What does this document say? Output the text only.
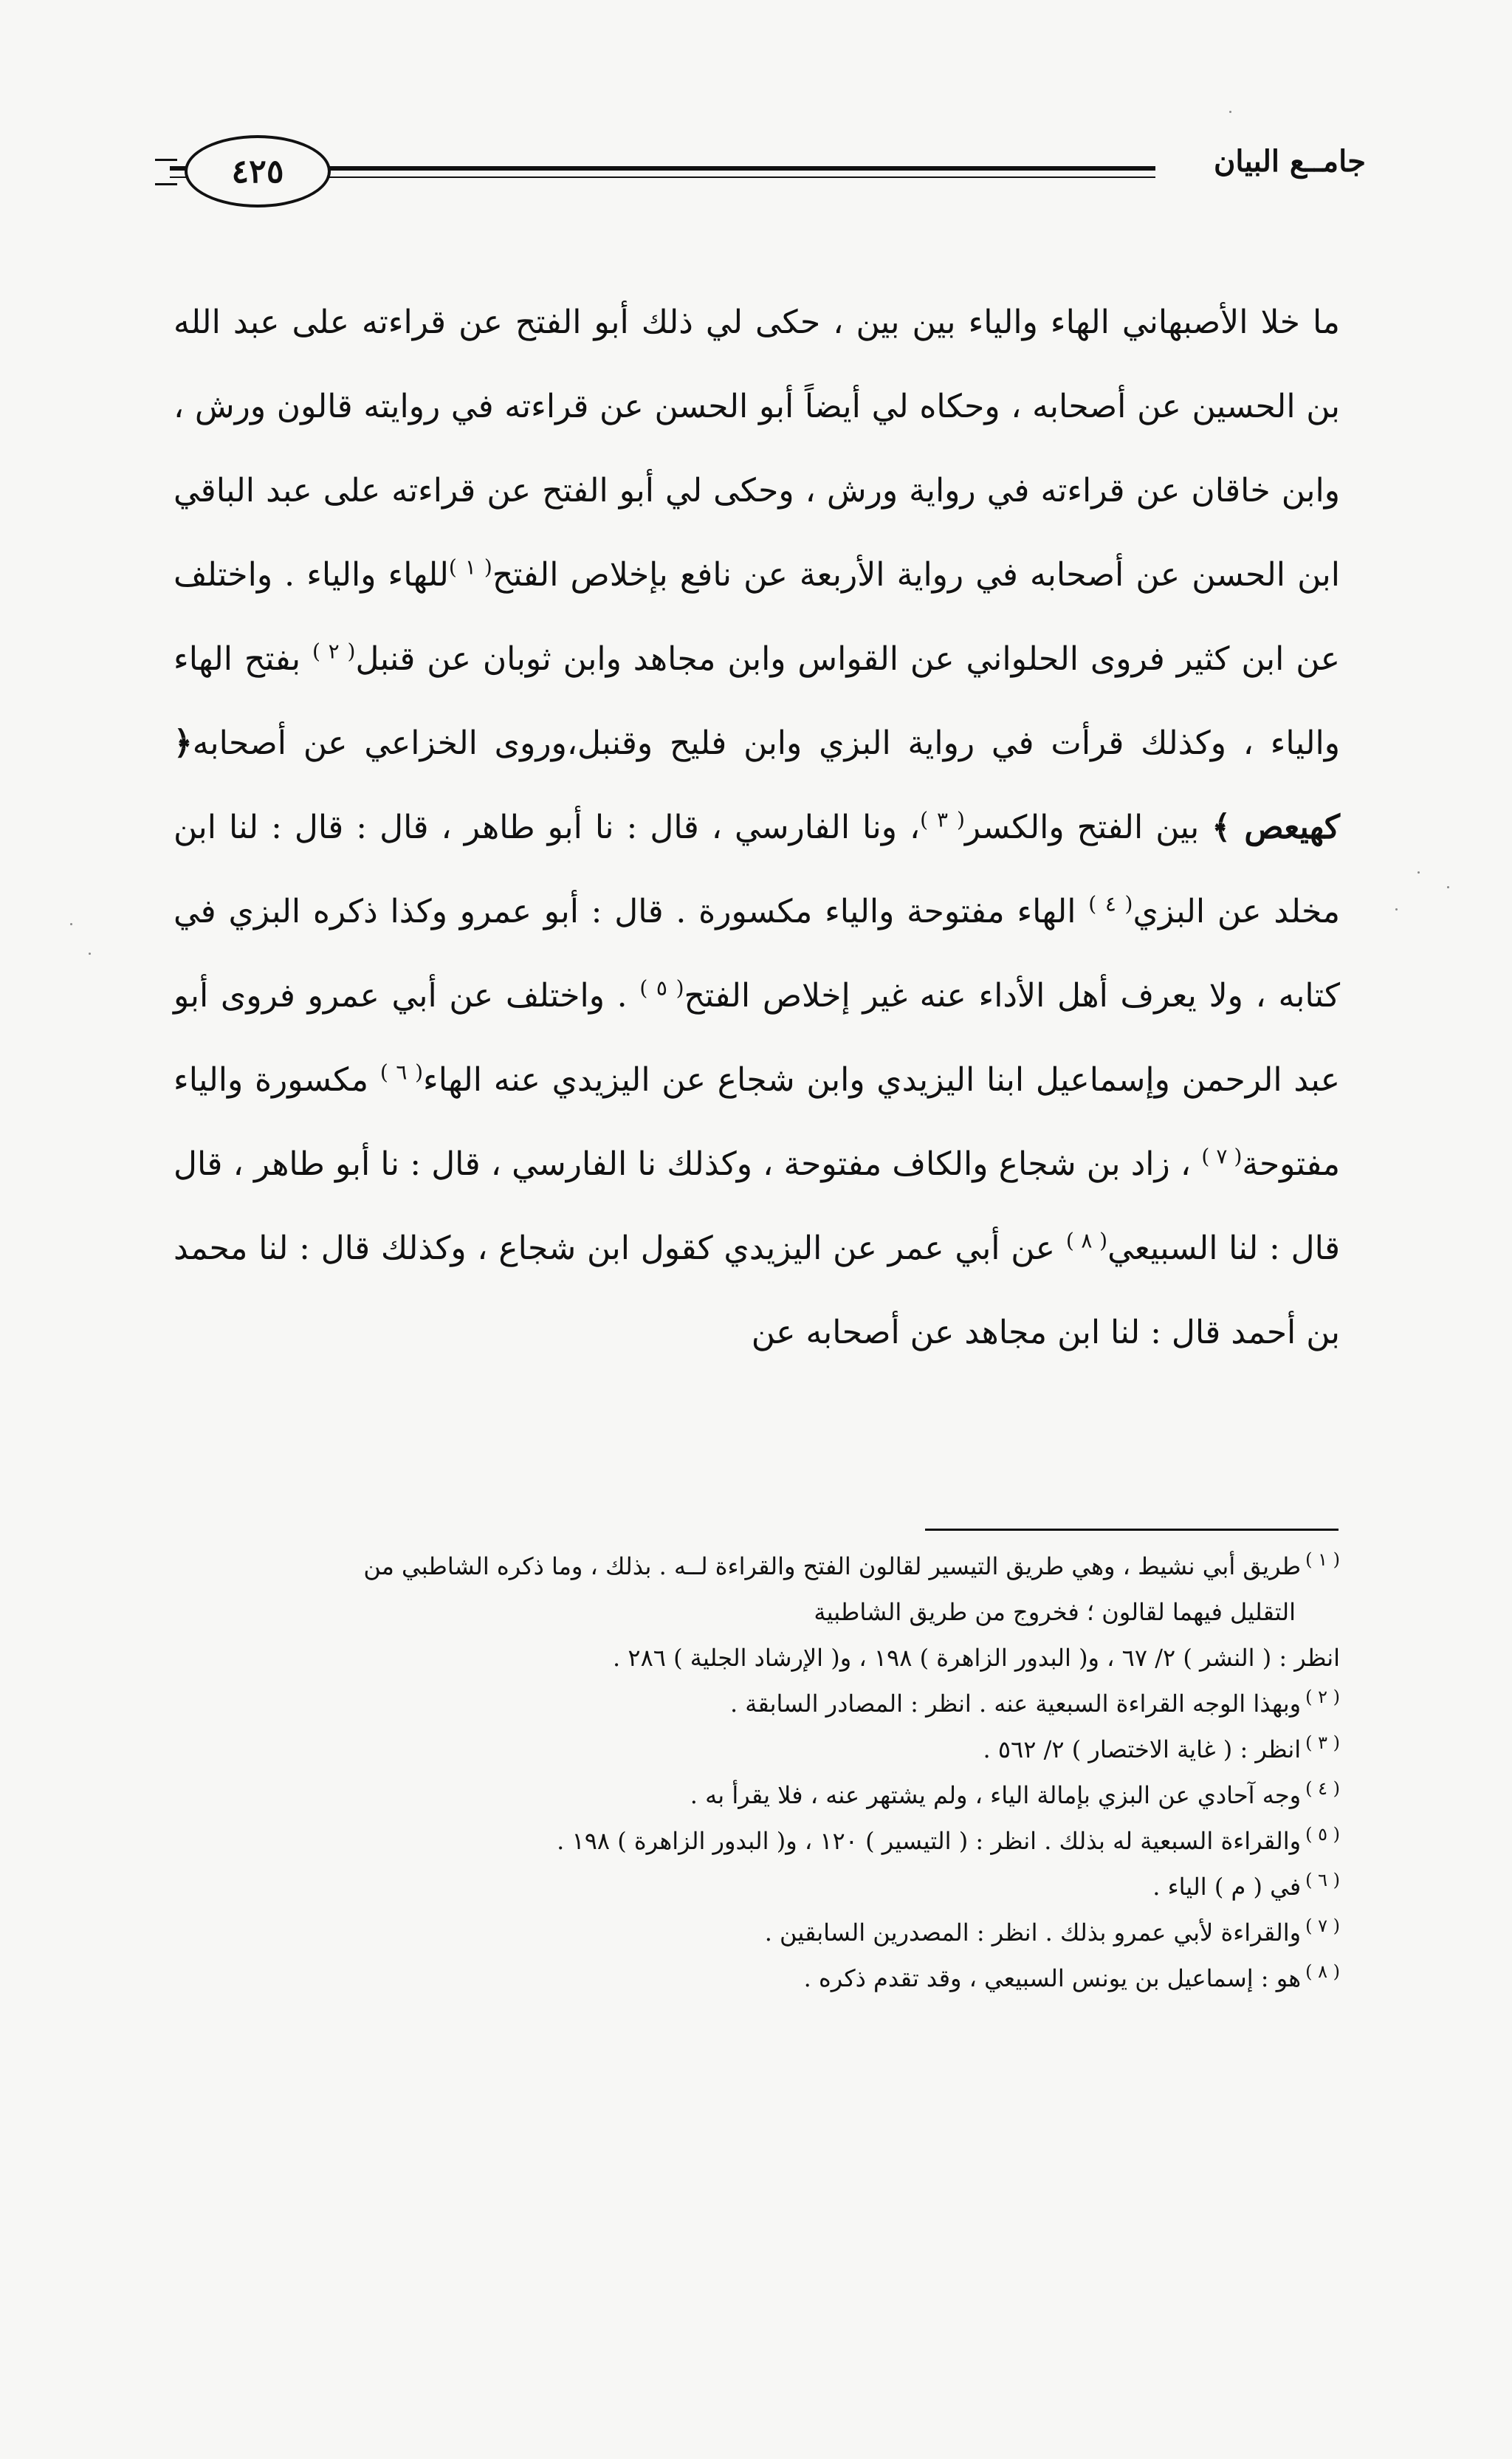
٤٢٥	جامــع البيان

ما خلا الأصبهاني الهاء والياء بين بين ، حكى لي ذلك أبو الفتح عن قراءته على عبد الله بن الحسين عن أصحابه ، وحكاه لي أيضاً أبو الحسن عن قراءته في روايته قالون ورش ، وابن خاقان عن قراءته في رواية ورش ، وحكى لي أبو الفتح عن قراءته على عبد الباقي ابن الحسن عن أصحابه في رواية الأربعة عن نافع بإخلاص الفتح$^{( ١ )}$للهاء والياء . واختلف عن ابن كثير فروى الحلواني عن القواس وابن مجاهد وابن ثوبان عن قنبل$^{( ٢ )}$ بفتح الهاء والياء ، وكذلك قرأت في رواية البزي وابن فليح وقنبل،وروى الخزاعي عن أصحابه﴿ كهيعص ﴾ بين الفتح والكسر$^{( ٣ )}$، ونا الفارسي ، قال : نا أبو طاهر ، قال : قال : لنا ابن مخلد عن البزي$^{( ٤ )}$ الهاء مفتوحة والياء مكسورة . قال : أبو عمرو وكذا ذكره البزي في كتابه ، ولا يعرف أهل الأداء عنه غير إخلاص الفتح$^{( ٥ )}$ . واختلف عن أبي عمرو فروى أبو عبد الرحمن وإسماعيل ابنا اليزيدي وابن شجاع عن اليزيدي عنه الهاء$^{( ٦ )}$ مكسورة والياء مفتوحة$^{( ٧ )}$ ، زاد بن شجاع والكاف مفتوحة ، وكذلك نا الفارسي ، قال : نا أبو طاهر ، قال قال : لنا السبيعي$^{( ٨ )}$ عن أبي عمر عن اليزيدي كقول ابن شجاع ، وكذلك قال : لنا محمد بن أحمد قال : لنا ابن مجاهد عن أصحابه عن

$^{( ١ )}$طريق أبي نشيط ، وهي طريق التيسير لقالون الفتح والقراءة لــه . بذلك ، وما ذكره الشاطبي من

التقليل فيهما لقالون ؛ فخروج من طريق الشاطبية

انظر : ( النشر ) ٢/ ٦٧ ، و( البدور الزاهرة ) ١٩٨ ، و( الإرشاد الجلية ) ٢٨٦ .

$^{( ٢ )}$وبهذا الوجه القراءة السبعية عنه . انظر : المصادر السابقة .

$^{( ٣ )}$انظر : ( غاية الاختصار ) ٢/ ٥٦٢ .

$^{( ٤ )}$وجه آحادي عن البزي بإمالة الياء ، ولم يشتهر عنه ، فلا يقرأ به .

$^{( ٥ )}$والقراءة السبعية له بذلك . انظر : ( التيسير ) ١٢٠ ، و( البدور الزاهرة ) ١٩٨ .

$^{( ٦ )}$في ( م ) الياء .

$^{( ٧ )}$والقراءة لأبي عمرو بذلك . انظر : المصدرين السابقين .

$^{( ٨ )}$هو : إسماعيل بن يونس السبيعي ، وقد تقدم ذكره .
